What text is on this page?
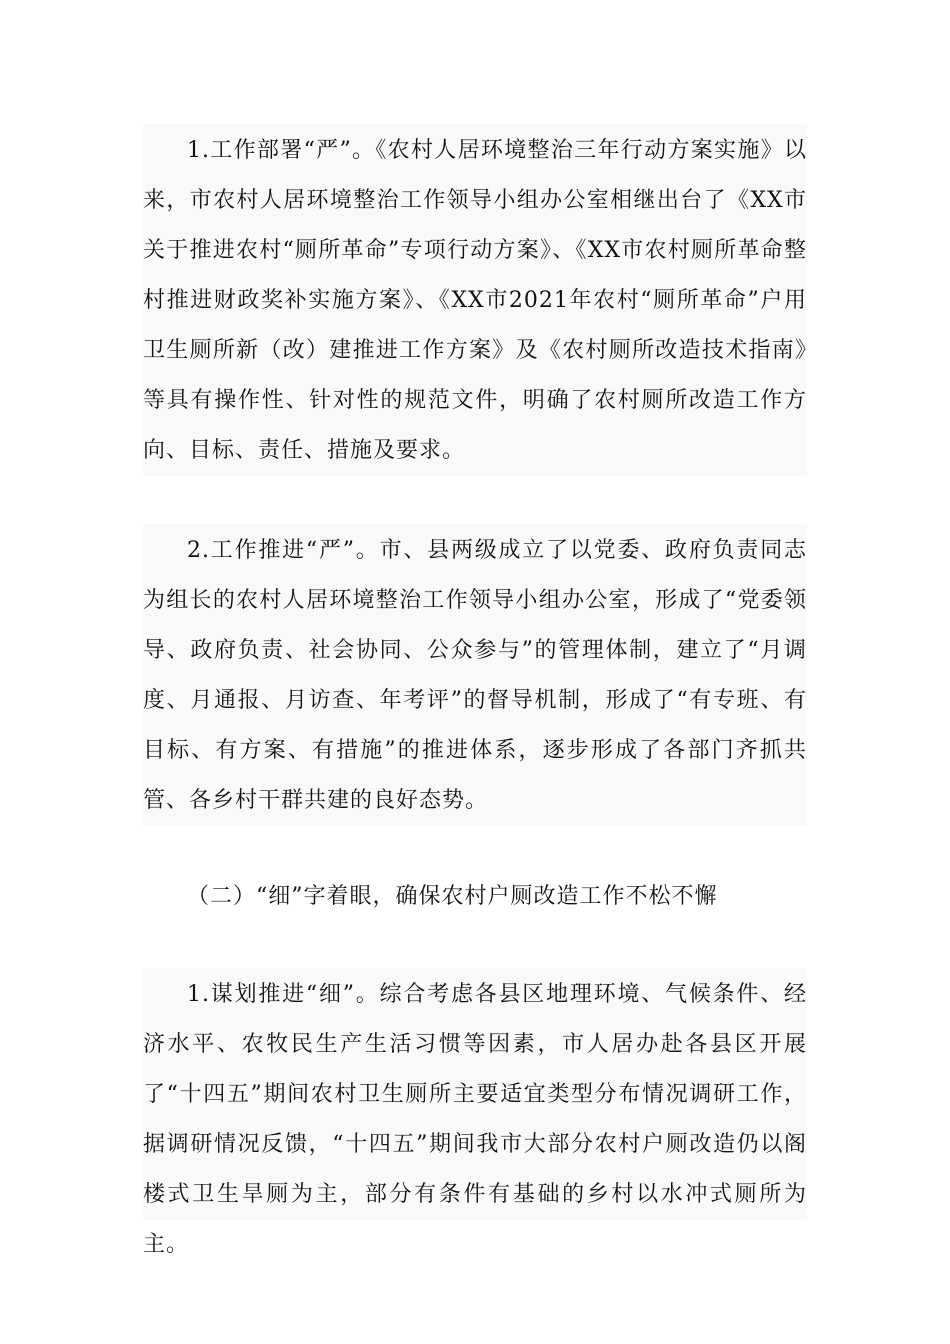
1.工作部署“严”。《农村人居环境整治三年行动方案实施》以来，市农村人居环境整治工作领导小组办公室相继出台了《XX市关于推进农村“厕所革命”专项行动方案》、《XX市农村厕所革命整村推进财政奖补实施方案》、《XX市2021年农村“厕所革命”户用卫生厕所新（改）建推进工作方案》及《农村厕所改造技术指南》等具有操作性、针对性的规范文件，明确了农村厕所改造工作方向、目标、责任、措施及要求。

2.工作推进“严”。市、县两级成立了以党委、政府负责同志为组长的农村人居环境整治工作领导小组办公室，形成了“党委领导、政府负责、社会协同、公众参与”的管理体制，建立了“月调度、月通报、月访查、年考评”的督导机制，形成了“有专班、有目标、有方案、有措施”的推进体系，逐步形成了各部门齐抓共管、各乡村干群共建的良好态势。

（二）“细”字着眼，确保农村户厕改造工作不松不懈

1.谋划推进“细”。综合考虑各县区地理环境、气候条件、经济水平、农牧民生产生活习惯等因素，市人居办赴各县区开展了“十四五”期间农村卫生厕所主要适宜类型分布情况调研工作，据调研情况反馈，“十四五”期间我市大部分农村户厕改造仍以阁楼式卫生旱厕为主，部分有条件有基础的乡村以水冲式厕所为主。
